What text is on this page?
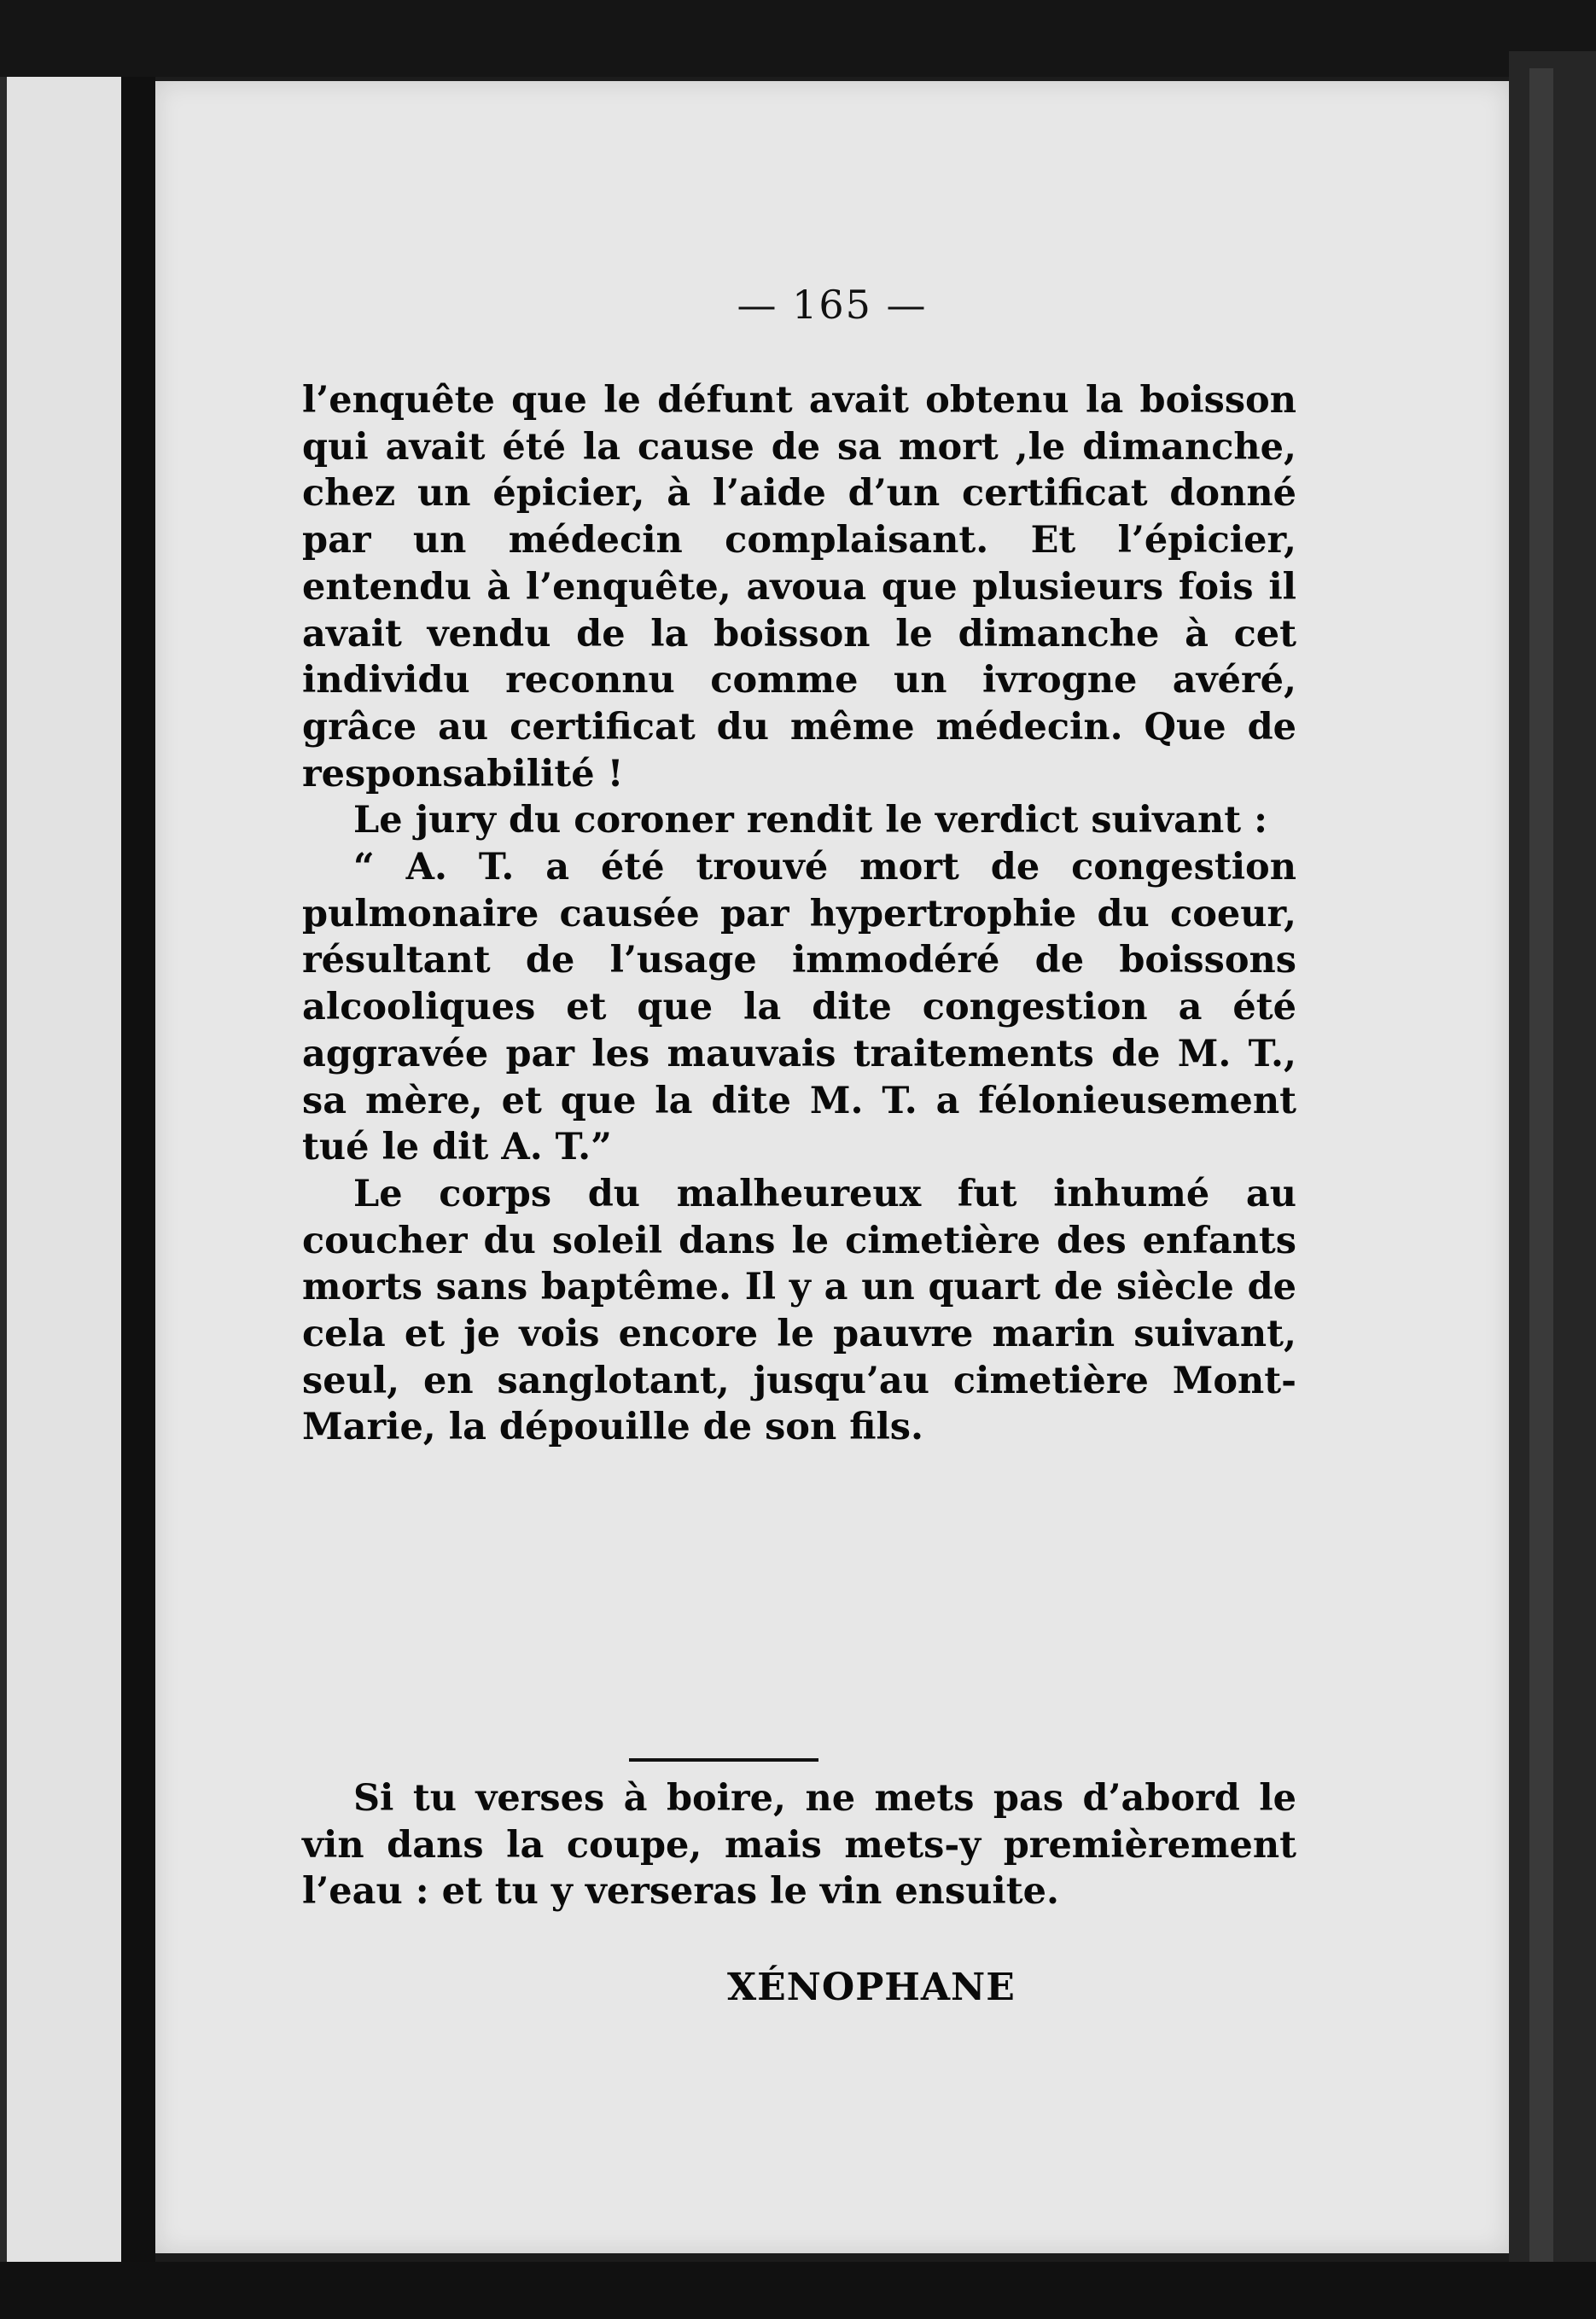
— 165 —

l’enquête que le défunt avait obtenu la boisson qui avait été la cause de sa mort ,le dimanche, chez un épicier, à l’aide d’un certificat donné par un médecin complaisant. Et l’épicier, entendu à l’enquête, avoua que plusieurs fois il avait vendu de la boisson le dimanche à cet individu reconnu comme un ivrogne avéré, grâce au certificat du même médecin. Que de responsabilité !

Le jury du coroner rendit le verdict suivant :

“ A. T. a été trouvé mort de congestion pulmonaire causée par hypertrophie du coeur, résultant de l’usage immodéré de boissons alcooliques et que la dite congestion a été aggravée par les mauvais traitements de M. T., sa mère, et que la dite M. T. a félonieusement tué le dit A. T.”

Le corps du malheureux fut inhumé au coucher du soleil dans le cimetière des enfants morts sans baptême. Il y a un quart de siècle de cela et je vois encore le pauvre marin suivant, seul, en sanglotant, jusqu’au cimetière Mont-Marie, la dépouille de son fils.

Si tu verses à boire, ne mets pas d’abord le vin dans la coupe, mais mets-y premièrement l’eau : et tu y verseras le vin ensuite.

XÉNOPHANE
